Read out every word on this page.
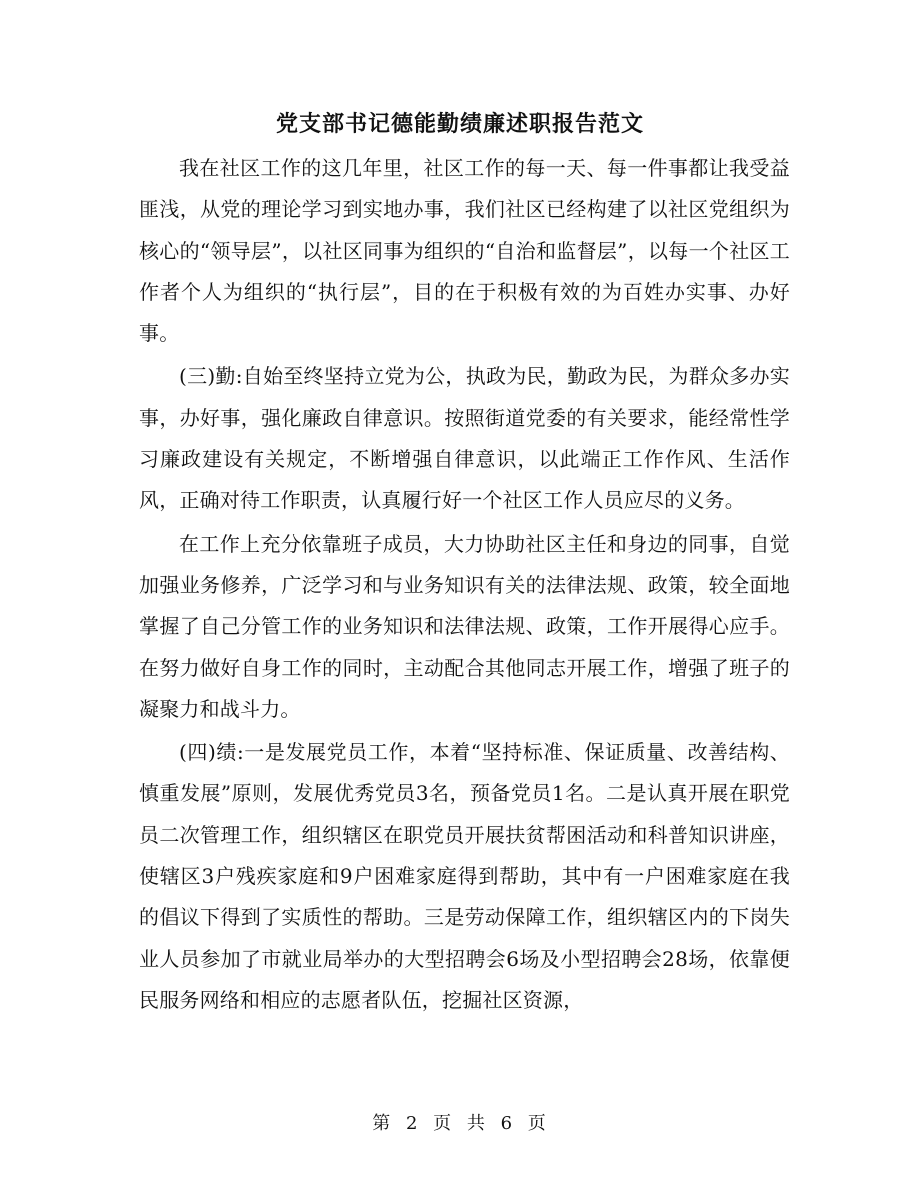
党支部书记德能勤绩廉述职报告范文

我在社区工作的这几年里，社区工作的每一天、每一件事都让我受益匪浅，从党的理论学习到实地办事，我们社区已经构建了以社区党组织为核心的“领导层”，以社区同事为组织的“自治和监督层”，以每一个社区工作者个人为组织的“执行层”，目的在于积极有效的为百姓办实事、办好事。

(三)勤:自始至终坚持立党为公，执政为民，勤政为民，为群众多办实事，办好事，强化廉政自律意识。按照街道党委的有关要求，能经常性学习廉政建设有关规定，不断增强自律意识，以此端正工作作风、生活作风，正确对待工作职责，认真履行好一个社区工作人员应尽的义务。

在工作上充分依靠班子成员，大力协助社区主任和身边的同事，自觉加强业务修养，广泛学习和与业务知识有关的法律法规、政策，较全面地掌握了自己分管工作的业务知识和法律法规、政策，工作开展得心应手。在努力做好自身工作的同时，主动配合其他同志开展工作，增强了班子的凝聚力和战斗力。

(四)绩:一是发展党员工作，本着“坚持标准、保证质量、改善结构、慎重发展”原则，发展优秀党员3名，预备党员1名。二是认真开展在职党员二次管理工作，组织辖区在职党员开展扶贫帮困活动和科普知识讲座，使辖区3户残疾家庭和9户困难家庭得到帮助，其中有一户困难家庭在我的倡议下得到了实质性的帮助。三是劳动保障工作，组织辖区内的下岗失业人员参加了市就业局举办的大型招聘会6场及小型招聘会28场，依靠便民服务网络和相应的志愿者队伍，挖掘社区资源，

第 2 页 共 6 页
